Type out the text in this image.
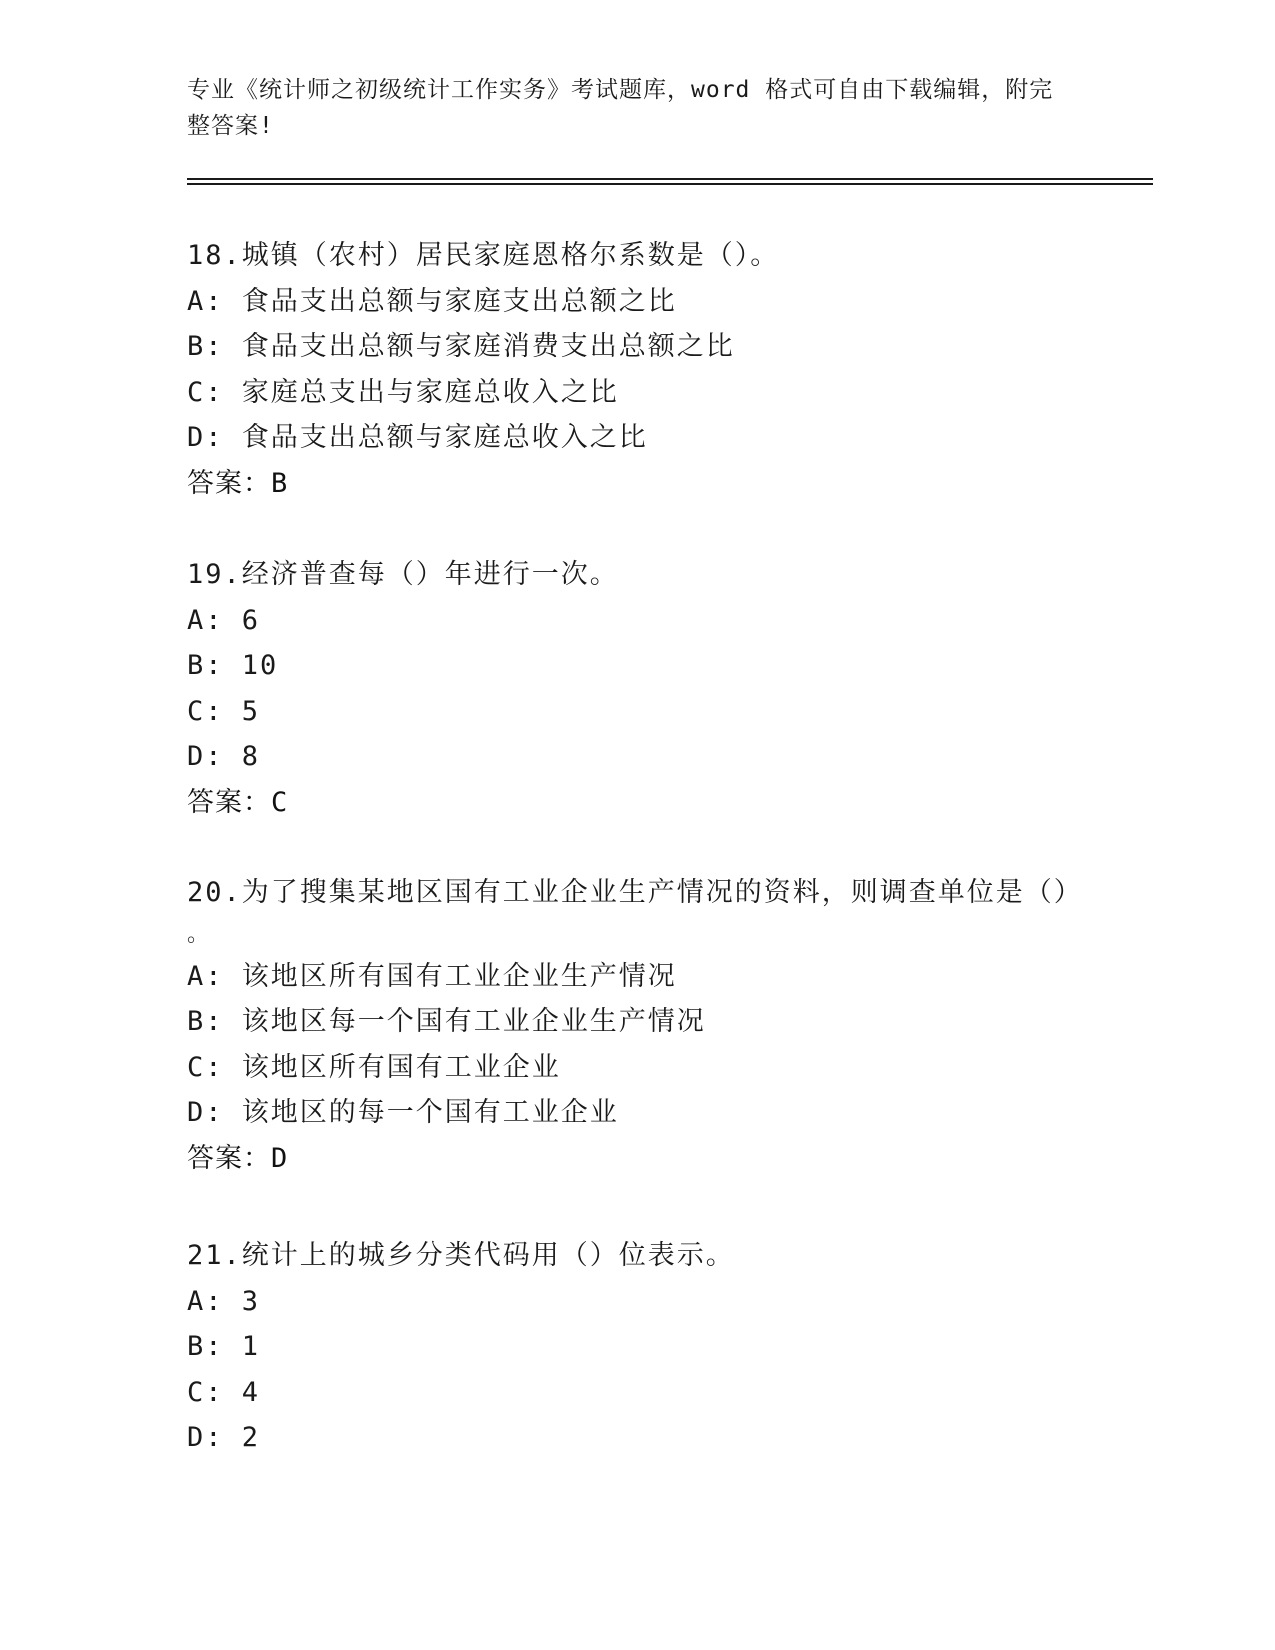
专业《统计师之初级统计工作实务》考试题库，word 格式可自由下载编辑，附完
整答案!
18.城镇（农村）居民家庭恩格尔系数是（）。
A: 食品支出总额与家庭支出总额之比
B: 食品支出总额与家庭消费支出总额之比
C: 家庭总支出与家庭总收入之比
D: 食品支出总额与家庭总收入之比
答案：B
19.经济普查每（）年进行一次。
A: 6
B: 10
C: 5
D: 8
答案：C
20.为了搜集某地区国有工业企业生产情况的资料，则调查单位是（）
。
A: 该地区所有国有工业企业生产情况
B: 该地区每一个国有工业企业生产情况
C: 该地区所有国有工业企业
D: 该地区的每一个国有工业企业
答案：D
21.统计上的城乡分类代码用（）位表示。
A: 3
B: 1
C: 4
D: 2
